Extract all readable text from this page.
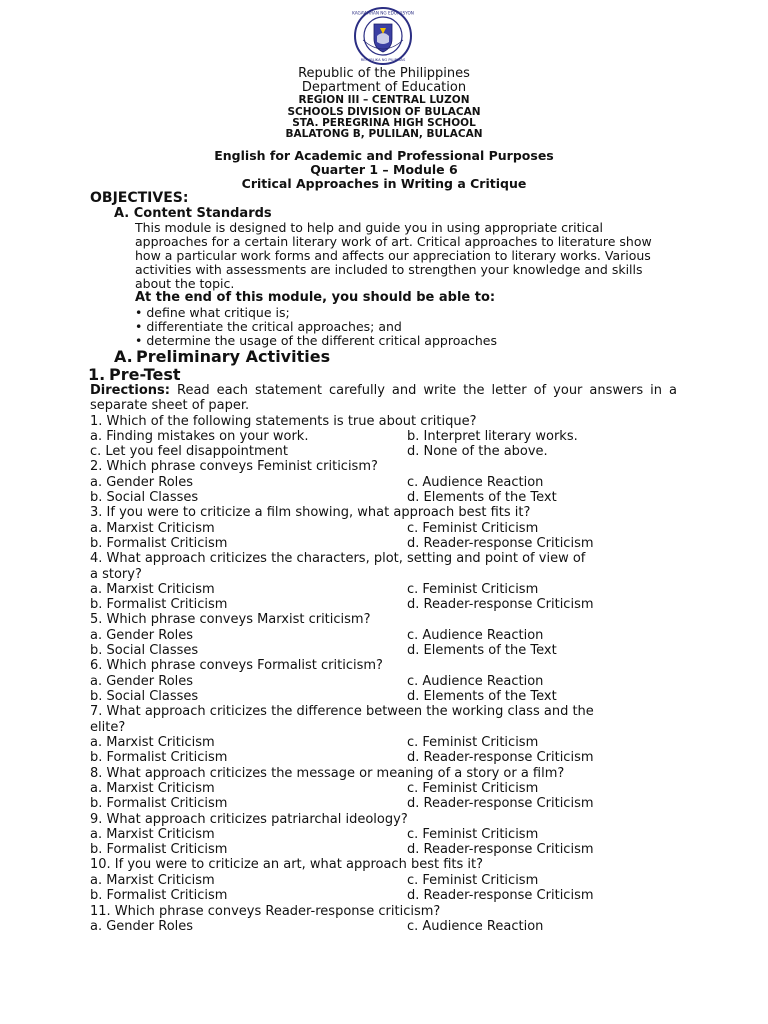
KAGAWARAN NG EDUKASYON
REPUBLIKA NG PILIPINAS
Republic of the Philippines
Department of Education
REGION III – CENTRAL LUZON
SCHOOLS DIVISION OF BULACAN
STA. PEREGRINA HIGH SCHOOL
BALATONG B, PULILAN, BULACAN
English for Academic and Professional Purposes
Quarter 1 – Module 6
Critical Approaches in Writing a Critique
OBJECTIVES:
A. Content Standards
This module is designed to help and guide you in using appropriate critical approaches for a certain literary work of art. Critical approaches to literature show how a particular work forms and affects our appreciation to literary works. Various activities with assessments are included to strengthen your knowledge and skills about the topic.
At the end of this module, you should be able to:
• define what critique is;
• differentiate the critical approaches; and
• determine the usage of the different critical approaches
A. Preliminary Activities
1. Pre-Test
Directions: Read each statement carefully and write the letter of your answers in a separate sheet of paper.
1. Which of the following statements is true about critique?
a. Finding mistakes on your work.	b. Interpret literary works.
c. Let you feel disappointment	d. None of the above.
2. Which phrase conveys Feminist criticism?
a. Gender Roles	c. Audience Reaction
b. Social Classes	d. Elements of the Text
3. If you were to criticize a film showing, what approach best fits it?
a. Marxist Criticism	c. Feminist Criticism
b. Formalist Criticism	d. Reader-response Criticism
4. What approach criticizes the characters, plot, setting and point of view of
a story?
a. Marxist Criticism	c. Feminist Criticism
b. Formalist Criticism	d. Reader-response Criticism
5. Which phrase conveys Marxist criticism?
a. Gender Roles	c. Audience Reaction
b. Social Classes	d. Elements of the Text
6. Which phrase conveys Formalist criticism?
a. Gender Roles	c. Audience Reaction
b. Social Classes	d. Elements of the Text
7. What approach criticizes the difference between the working class and the
elite?
a. Marxist Criticism	c. Feminist Criticism
b. Formalist Criticism	d. Reader-response Criticism
8. What approach criticizes the message or meaning of a story or a film?
a. Marxist Criticism	c. Feminist Criticism
b. Formalist Criticism	d. Reader-response Criticism
9. What approach criticizes patriarchal ideology?
a. Marxist Criticism	c. Feminist Criticism
b. Formalist Criticism	d. Reader-response Criticism
10. If you were to criticize an art, what approach best fits it?
a. Marxist Criticism	c. Feminist Criticism
b. Formalist Criticism	d. Reader-response Criticism
11. Which phrase conveys Reader-response criticism?
a. Gender Roles	c. Audience Reaction
